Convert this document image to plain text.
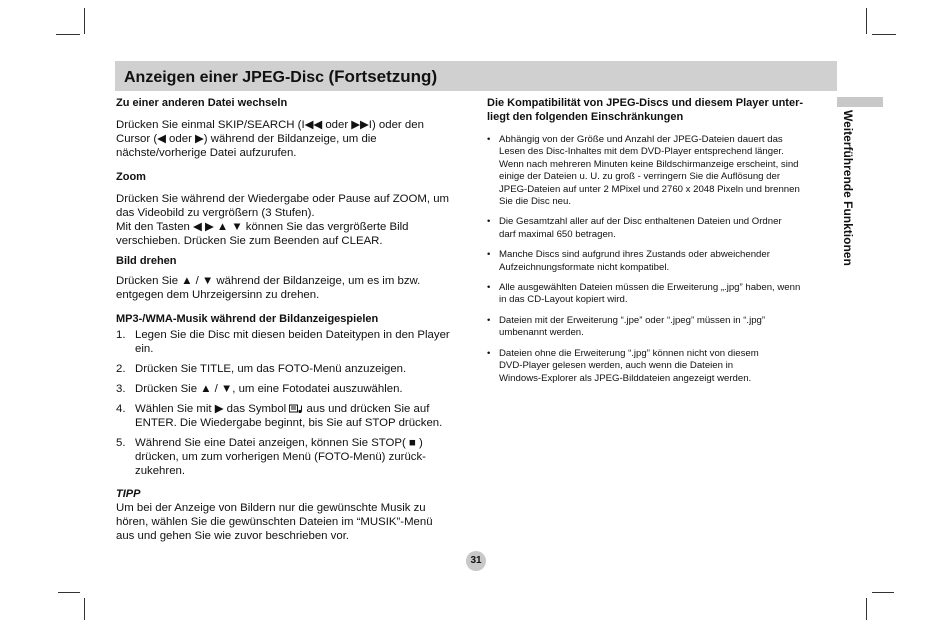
Anzeigen einer JPEG-Disc (Fortsetzung)
Weiterführende Funktionen
Zu einer anderen Datei wechseln

Drücken Sie einmal SKIP/SEARCH (I◀◀ oder ▶▶I) oder den

Cursor (◀ oder ▶) während der Bildanzeige, um die

nächste/vorherige Datei aufzurufen.

Zoom

Drücken Sie während der Wiedergabe oder Pause auf ZOOM, um

das Videobild zu vergrößern (3 Stufen).

Mit den Tasten ◀ ▶ ▲ ▼ können Sie das vergrößerte Bild

verschieben. Drücken Sie zum Beenden auf CLEAR.

Bild drehen

Drücken Sie ▲ / ▼ während der Bildanzeige, um es im bzw.

entgegen dem Uhrzeigersinn zu drehen.

MP3-/WMA-Musik während der Bildanzeigespielen
1. Legen Sie die Disc mit diesen beiden Dateitypen in den Player
ein.
2. Drücken Sie TITLE, um das FOTO-Menü anzuzeigen.
3. Drücken Sie ▲ / ▼, um eine Fotodatei auszuwählen.
4. Wählen Sie mit ▶ das Symbol  aus und drücken Sie auf
ENTER. Die Wiedergabe beginnt, bis Sie auf STOP drücken.
5. Während Sie eine Datei anzeigen, können Sie STOP( ■ )
drücken, um zum vorherigen Menü (FOTO-Menü) zurück-
zukehren.
TIPP

Um bei der Anzeige von Bildern nur die gewünschte Musik zu

hören, wählen Sie die gewünschten Dateien im “MUSIK”-Menü

aus und gehen Sie wie zuvor beschrieben vor.

Die Kompatibilität von JPEG-Discs und diesem Player unter-
liegt den folgenden Einschränkungen
• Abhängig von der Größe und Anzahl der JPEG-Dateien dauert das
Lesen des Disc-Inhaltes mit dem DVD-Player entsprechend länger.
Wenn nach mehreren Minuten keine Bildschirmanzeige erscheint, sind
einige der Dateien u. U. zu groß - verringern Sie die Auflösung der
JPEG-Dateien auf unter 2 MPixel und 2760 x 2048 Pixeln und brennen
Sie die Disc neu.
• Die Gesamtzahl aller auf der Disc enthaltenen Dateien und Ordner
darf maximal 650 betragen.
• Manche Discs sind aufgrund ihres Zustands oder abweichender
Aufzeichnungsformate nicht kompatibel.
• Alle ausgewählten Dateien müssen die Erweiterung „.jpg” haben, wenn
in das CD-Layout kopiert wird.
• Dateien mit der Erweiterung “.jpe” oder “.jpeg” müssen in “.jpg”
umbenannt werden.
• Dateien ohne die Erweiterung “.jpg” können nicht von diesem
DVD-Player gelesen werden, auch wenn die Dateien in
Windows-Explorer als JPEG-Bilddateien angezeigt werden.
31
